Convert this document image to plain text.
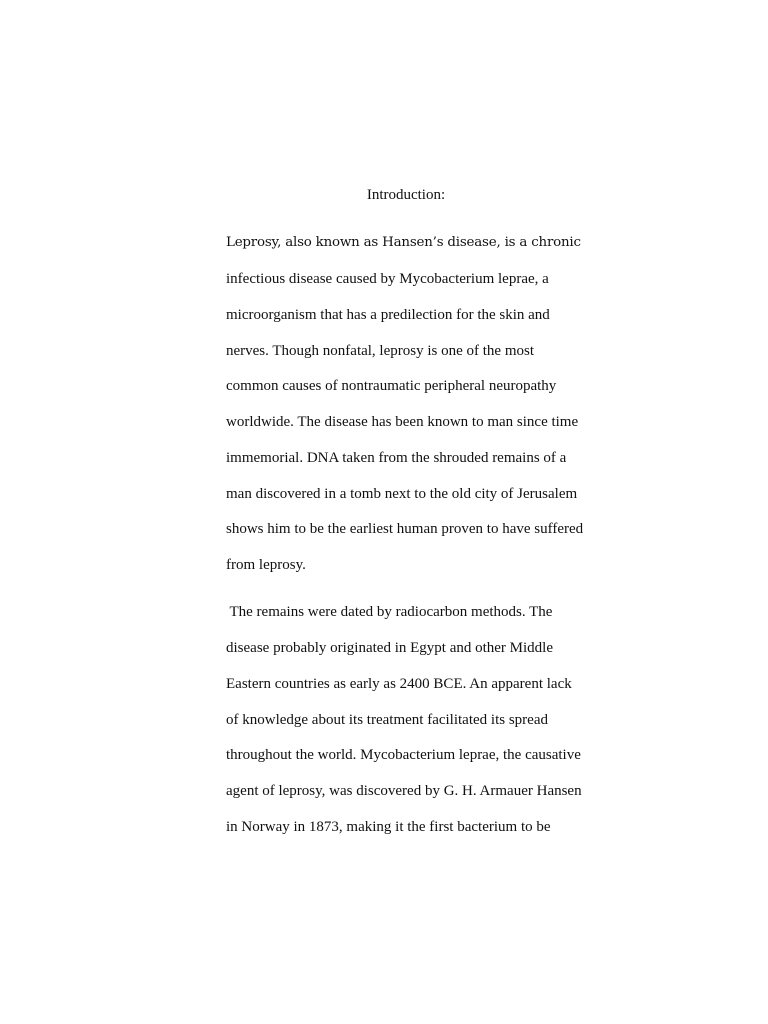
Introduction:

Leprosy, also known as Hansen’s disease, is a chronic

infectious disease caused by Mycobacterium leprae, a

microorganism that has a predilection for the skin and

nerves. Though nonfatal, leprosy is one of the most

common causes of nontraumatic peripheral neuropathy

worldwide. The disease has been known to man since time

immemorial. DNA taken from the shrouded remains of a

man discovered in a tomb next to the old city of Jerusalem

shows him to be the earliest human proven to have suffered

from leprosy.

The remains were dated by radiocarbon methods. The

disease probably originated in Egypt and other Middle

Eastern countries as early as 2400 BCE. An apparent lack

of knowledge about its treatment facilitated its spread

throughout the world. Mycobacterium leprae, the causative

agent of leprosy, was discovered by G. H. Armauer Hansen

in Norway in 1873, making it the first bacterium to be
